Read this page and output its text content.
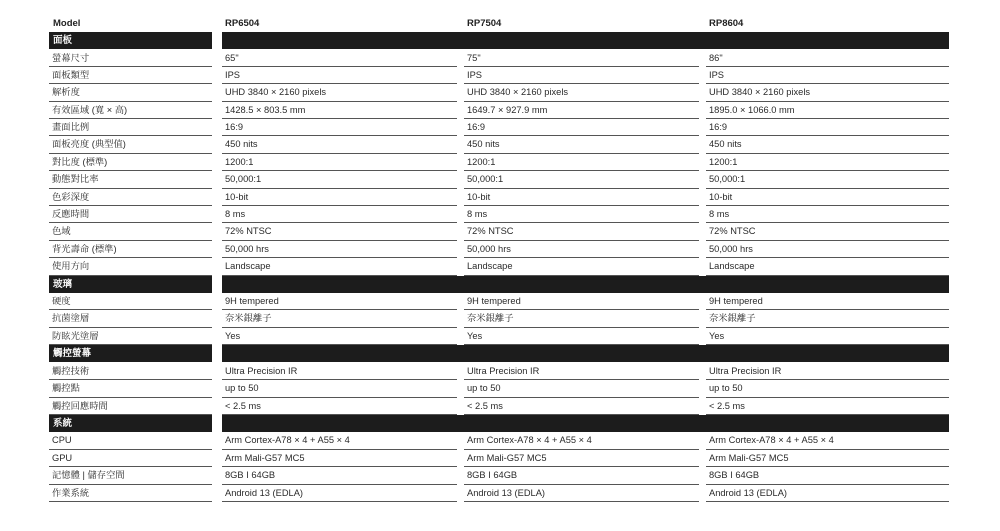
Model	RP6504	RP7504	RP8604
面板
螢幕尺寸	65"	75"	86"
面板類型	IPS	IPS	IPS
解析度	UHD 3840 × 2160 pixels	UHD 3840 × 2160 pixels	UHD 3840 × 2160 pixels
有效區域 (寬 × 高)	1428.5 × 803.5 mm	1649.7 × 927.9 mm	1895.0 × 1066.0 mm
畫面比例	16:9	16:9	16:9
面板亮度 (典型值)	450 nits	450 nits	450 nits
對比度 (標準)	1200:1	1200:1	1200:1
動態對比率	50,000:1	50,000:1	50,000:1
色彩深度	10-bit	10-bit	10-bit
反應時間	8 ms	8 ms	8 ms
色域	72% NTSC	72% NTSC	72% NTSC
背光壽命 (標準)	50,000 hrs	50,000 hrs	50,000 hrs
使用方向	Landscape	Landscape	Landscape
玻璃
硬度	9H tempered	9H tempered	9H tempered
抗菌塗層	奈米銀離子	奈米銀離子	奈米銀離子
防眩光塗層	Yes	Yes	Yes
觸控螢幕
觸控技術	Ultra Precision IR	Ultra Precision IR	Ultra Precision IR
觸控點	up to 50	up to 50	up to 50
觸控回應時間	< 2.5 ms	< 2.5 ms	< 2.5 ms
系統
CPU	Arm Cortex-A78 × 4 + A55 × 4	Arm Cortex-A78 × 4 + A55 × 4	Arm Cortex-A78 × 4 + A55 × 4
GPU	Arm Mali-G57 MC5	Arm Mali-G57 MC5	Arm Mali-G57 MC5
記憶體 | 儲存空間	8GB I 64GB	8GB I 64GB	8GB I 64GB
作業系統	Android 13 (EDLA)	Android 13 (EDLA)	Android 13 (EDLA)
